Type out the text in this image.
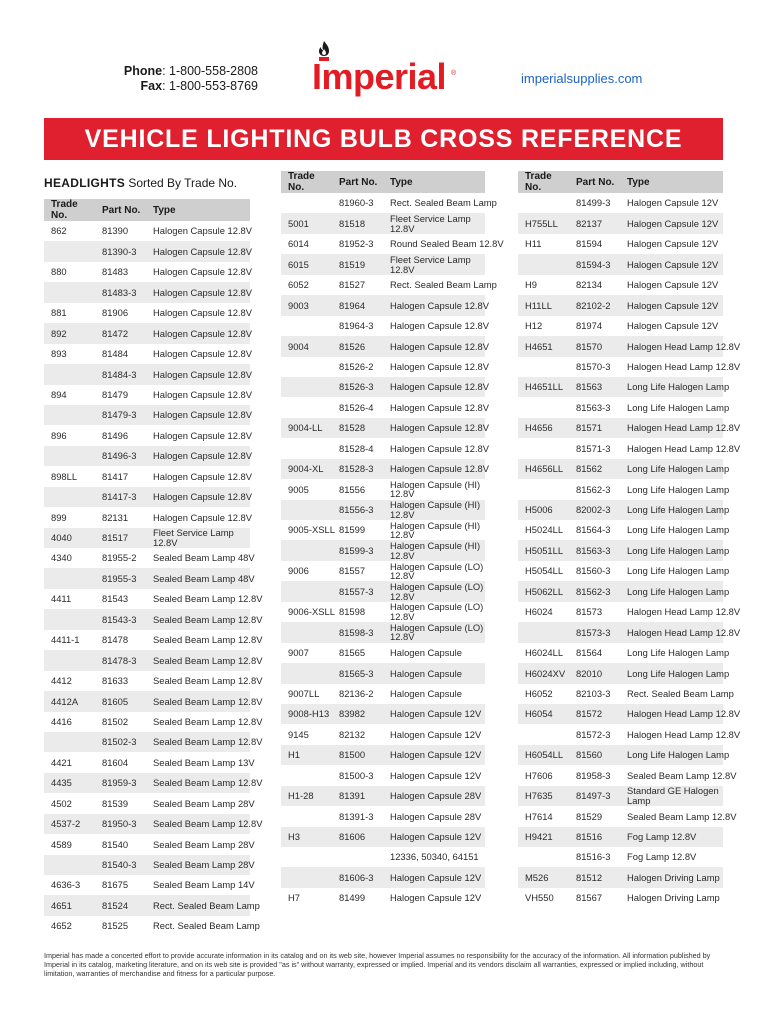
Phone: 1-800-558-2808
Fax: 1-800-553-8769 Imperial ®	imperialsupplies.com
VEHICLE LIGHTING BULB CROSS REFERENCE
HEADLIGHTS Sorted By Trade No.
Trade No.	Part No.	Type
862	81390	Halogen Capsule 12.8V
	81390-3	Halogen Capsule 12.8V
880	81483	Halogen Capsule 12.8V
	81483-3	Halogen Capsule 12.8V
881	81906	Halogen Capsule 12.8V
892	81472	Halogen Capsule 12.8V
893	81484	Halogen Capsule 12.8V
	81484-3	Halogen Capsule 12.8V
894	81479	Halogen Capsule 12.8V
	81479-3	Halogen Capsule 12.8V
896	81496	Halogen Capsule 12.8V
	81496-3	Halogen Capsule 12.8V
898LL	81417	Halogen Capsule 12.8V
	81417-3	Halogen Capsule 12.8V
899	82131	Halogen Capsule 12.8V
4040	81517	Fleet Service Lamp 12.8V
4340	81955-2	Sealed Beam Lamp 48V
	81955-3	Sealed Beam Lamp 48V
4411	81543	Sealed Beam Lamp 12.8V
	81543-3	Sealed Beam Lamp 12.8V
4411-1	81478	Sealed Beam Lamp 12.8V
	81478-3	Sealed Beam Lamp 12.8V
4412	81633	Sealed Beam Lamp 12.8V
4412A	81605	Sealed Beam Lamp 12.8V
4416	81502	Sealed Beam Lamp 12.8V
	81502-3	Sealed Beam Lamp 12.8V
4421	81604	Sealed Beam Lamp 13V
4435	81959-3	Sealed Beam Lamp 12.8V
4502	81539	Sealed Beam Lamp 28V
4537-2	81950-3	Sealed Beam Lamp 12.8V
4589	81540	Sealed Beam Lamp 28V
	81540-3	Sealed Beam Lamp 28V
4636-3	81675	Sealed Beam Lamp 14V
4651	81524	Rect. Sealed Beam Lamp
4652	81525	Rect. Sealed Beam Lamp
Trade No.	Part No.	Type
	81960-3	Rect. Sealed Beam Lamp
5001	81518	Fleet Service Lamp 12.8V
6014	81952-3	Round Sealed Beam 12.8V
6015	81519	Fleet Service Lamp 12.8V
6052	81527	Rect. Sealed Beam Lamp
9003	81964	Halogen Capsule 12.8V
	81964-3	Halogen Capsule 12.8V
9004	81526	Halogen Capsule 12.8V
	81526-2	Halogen Capsule 12.8V
	81526-3	Halogen Capsule 12.8V
	81526-4	Halogen Capsule 12.8V
9004-LL	81528	Halogen Capsule 12.8V
	81528-4	Halogen Capsule 12.8V
9004-XL	81528-3	Halogen Capsule 12.8V
9005	81556	Halogen Capsule (HI) 12.8V
	81556-3	Halogen Capsule (HI) 12.8V
9005-XSLL	81599	Halogen Capsule (HI) 12.8V
	81599-3	Halogen Capsule (HI) 12.8V
9006	81557	Halogen Capsule (LO) 12.8V
	81557-3	Halogen Capsule (LO) 12.8V
9006-XSLL	81598	Halogen Capsule (LO) 12.8V
	81598-3	Halogen Capsule (LO) 12.8V
9007	81565	Halogen Capsule
	81565-3	Halogen Capsule
9007LL	82136-2	Halogen Capsule
9008-H13	83982	Halogen Capsule 12V
9145	82132	Halogen Capsule 12V
H1	81500	Halogen Capsule 12V
	81500-3	Halogen Capsule 12V
H1-28	81391	Halogen Capsule 28V
	81391-3	Halogen Capsule 28V
H3	81606	Halogen Capsule 12V
		12336, 50340, 64151
	81606-3	Halogen Capsule 12V
H7	81499	Halogen Capsule 12V
Trade No.	Part No.	Type
	81499-3	Halogen Capsule 12V
H755LL	82137	Halogen Capsule 12V
H11	81594	Halogen Capsule 12V
	81594-3	Halogen Capsule 12V
H9	82134	Halogen Capsule 12V
H11LL	82102-2	Halogen Capsule 12V
H12	81974	Halogen Capsule 12V
H4651	81570	Halogen Head Lamp 12.8V
	81570-3	Halogen Head Lamp 12.8V
H4651LL	81563	Long Life Halogen Lamp
	81563-3	Long Life Halogen Lamp
H4656	81571	Halogen Head Lamp 12.8V
	81571-3	Halogen Head Lamp 12.8V
H4656LL	81562	Long Life Halogen Lamp
	81562-3	Long Life Halogen Lamp
H5006	82002-3	Long Life Halogen Lamp
H5024LL	81564-3	Long Life Halogen Lamp
H5051LL	81563-3	Long Life Halogen Lamp
H5054LL	81560-3	Long Life Halogen Lamp
H5062LL	81562-3	Long Life Halogen Lamp
H6024	81573	Halogen Head Lamp 12.8V
	81573-3	Halogen Head Lamp 12.8V
H6024LL	81564	Long Life Halogen Lamp
H6024XV	82010	Long Life Halogen Lamp
H6052	82103-3	Rect. Sealed Beam Lamp
H6054	81572	Halogen Head Lamp 12.8V
	81572-3	Halogen Head Lamp 12.8V
H6054LL	81560	Long Life Halogen Lamp
H7606	81958-3	Sealed Beam Lamp 12.8V
H7635	81497-3	Standard GE Halogen Lamp
H7614	81529	Sealed Beam Lamp 12.8V
H9421	81516	Fog Lamp 12.8V
	81516-3	Fog Lamp 12.8V
M526	81512	Halogen Driving Lamp
VH550	81567	Halogen Driving Lamp
Imperial has made a concerted effort to provide accurate information in its catalog and on its web site, however Imperial assumes no responsibility for the accuracy of the information. All information published by Imperial in its catalog, marketing literature, and on its web site is provided "as is" without warranty, expressed or implied. Imperial and its vendors disclaim all warranties, expressed or implied including, without limitation, warranties of merchandise and fitness for a particular purpose.
